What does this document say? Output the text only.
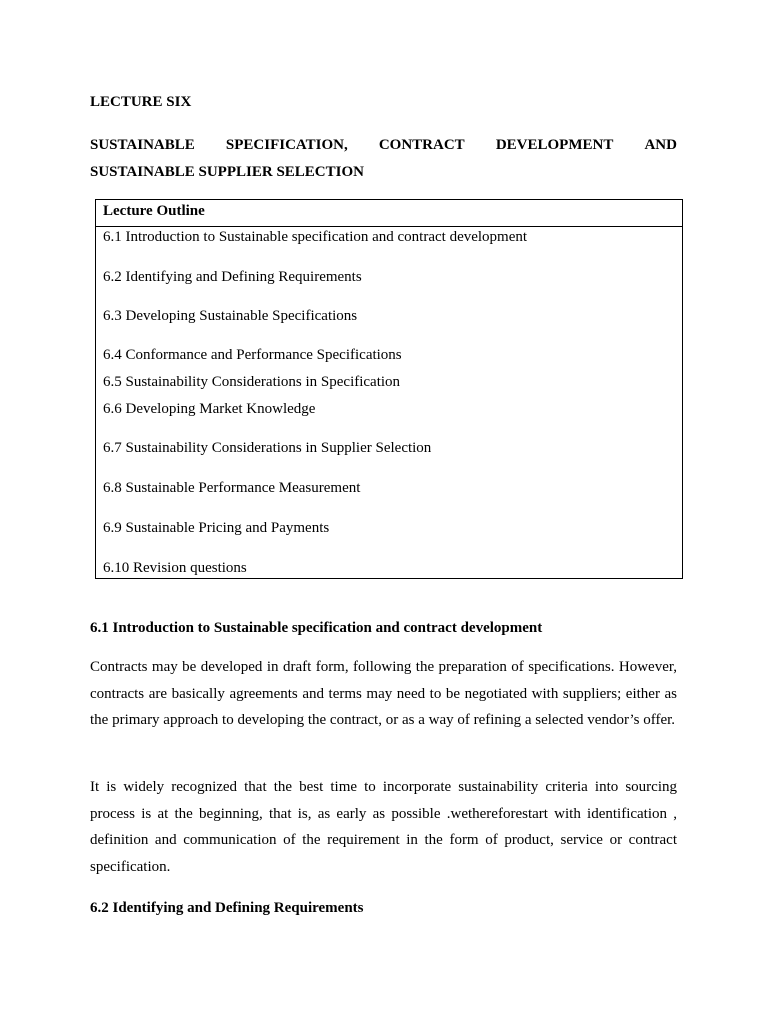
LECTURE SIX

SUSTAINABLE SPECIFICATION, CONTRACT DEVELOPMENT AND
SUSTAINABLE SUPPLIER SELECTION
Lecture Outline
6.1 Introduction to Sustainable specification and contract development
6.2 Identifying and Defining Requirements
6.3 Developing Sustainable Specifications
6.4 Conformance and Performance Specifications
6.5 Sustainability Considerations in Specification
6.6 Developing Market Knowledge
6.7 Sustainability Considerations in Supplier Selection
6.8 Sustainable Performance Measurement
6.9 Sustainable Pricing and Payments
6.10 Revision questions

6.1 Introduction to Sustainable specification and contract development

Contracts may be developed in draft form, following the preparation of specifications. However, contracts are basically agreements and terms may need to be negotiated with suppliers; either as the primary approach to developing the contract, or as a way of refining a selected vendor’s offer.

It is widely recognized that the best time to incorporate sustainability criteria into sourcing process is at the beginning, that is, as early as possible .wethereforestart with identification , definition and communication of the requirement in the form of product, service or contract specification.

6.2 Identifying and Defining Requirements
